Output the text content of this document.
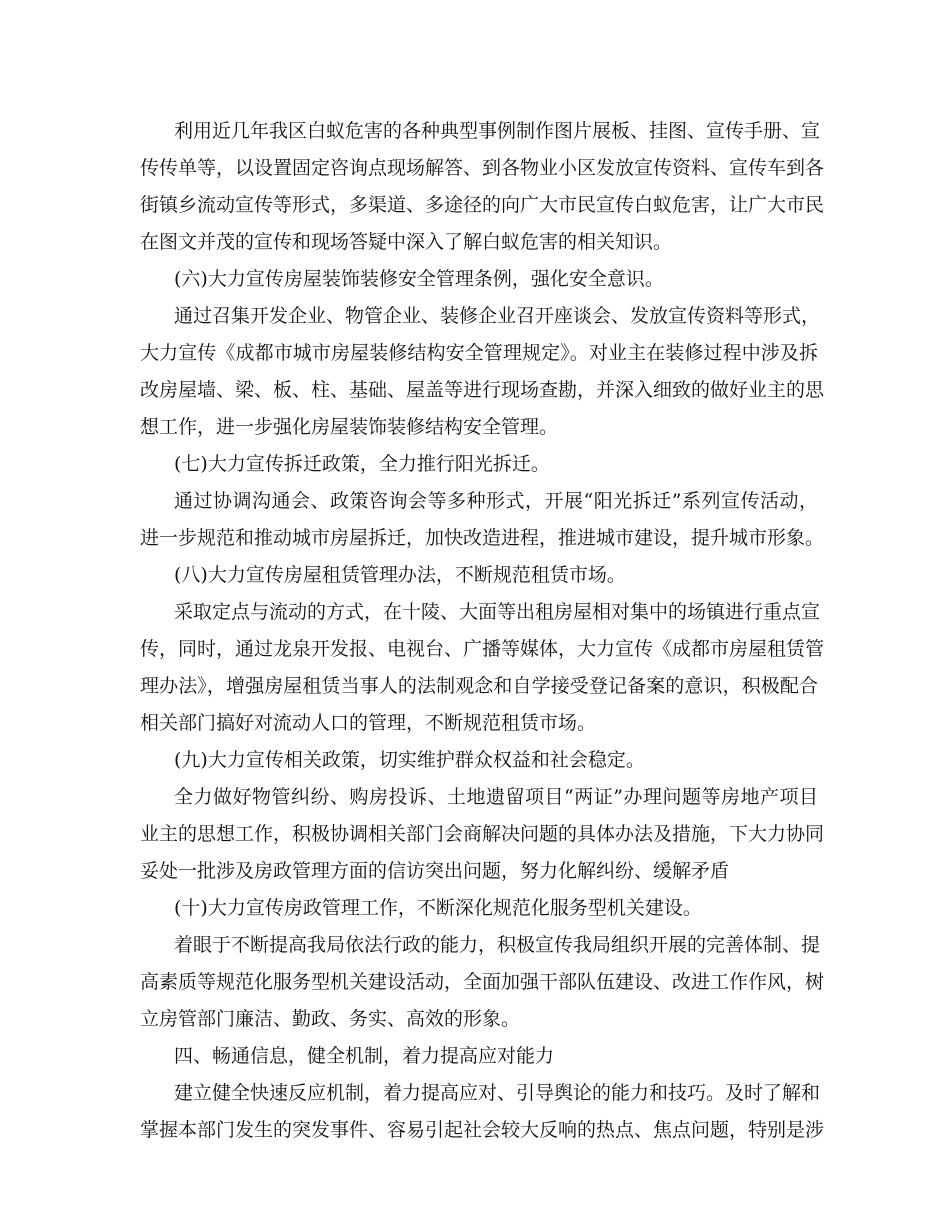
利用近几年我区白蚁危害的各种典型事例制作图片展板、挂图、宣传手册、宣
传传单等，以设置固定咨询点现场解答、到各物业小区发放宣传资料、宣传车到各
街镇乡流动宣传等形式，多渠道、多途径的向广大市民宣传白蚁危害，让广大市民
在图文并茂的宣传和现场答疑中深入了解白蚁危害的相关知识。
(六)大力宣传房屋装饰装修安全管理条例，强化安全意识。
通过召集开发企业、物管企业、装修企业召开座谈会、发放宣传资料等形式，
大力宣传《成都市城市房屋装修结构安全管理规定》。对业主在装修过程中涉及拆
改房屋墙、梁、板、柱、基础、屋盖等进行现场查勘，并深入细致的做好业主的思
想工作，进一步强化房屋装饰装修结构安全管理。
(七)大力宣传拆迁政策，全力推行阳光拆迁。
通过协调沟通会、政策咨询会等多种形式，开展“阳光拆迁”系列宣传活动，
进一步规范和推动城市房屋拆迁，加快改造进程，推进城市建设，提升城市形象。
(八)大力宣传房屋租赁管理办法，不断规范租赁市场。
采取定点与流动的方式，在十陵、大面等出租房屋相对集中的场镇进行重点宣
传，同时，通过龙泉开发报、电视台、广播等媒体，大力宣传《成都市房屋租赁管
理办法》，增强房屋租赁当事人的法制观念和自学接受登记备案的意识，积极配合
相关部门搞好对流动人口的管理，不断规范租赁市场。
(九)大力宣传相关政策，切实维护群众权益和社会稳定。
全力做好物管纠纷、购房投诉、土地遗留项目“两证”办理问题等房地产项目
业主的思想工作，积极协调相关部门会商解决问题的具体办法及措施，下大力协同
妥处一批涉及房政管理方面的信访突出问题，努力化解纠纷、缓解矛盾
(十)大力宣传房政管理工作，不断深化规范化服务型机关建设。
着眼于不断提高我局依法行政的能力，积极宣传我局组织开展的完善体制、提
高素质等规范化服务型机关建设活动，全面加强干部队伍建设、改进工作作风，树
立房管部门廉洁、勤政、务实、高效的形象。
四、畅通信息，健全机制，着力提高应对能力
建立健全快速反应机制，着力提高应对、引导舆论的能力和技巧。及时了解和
掌握本部门发生的突发事件、容易引起社会较大反响的热点、焦点问题，特别是涉
